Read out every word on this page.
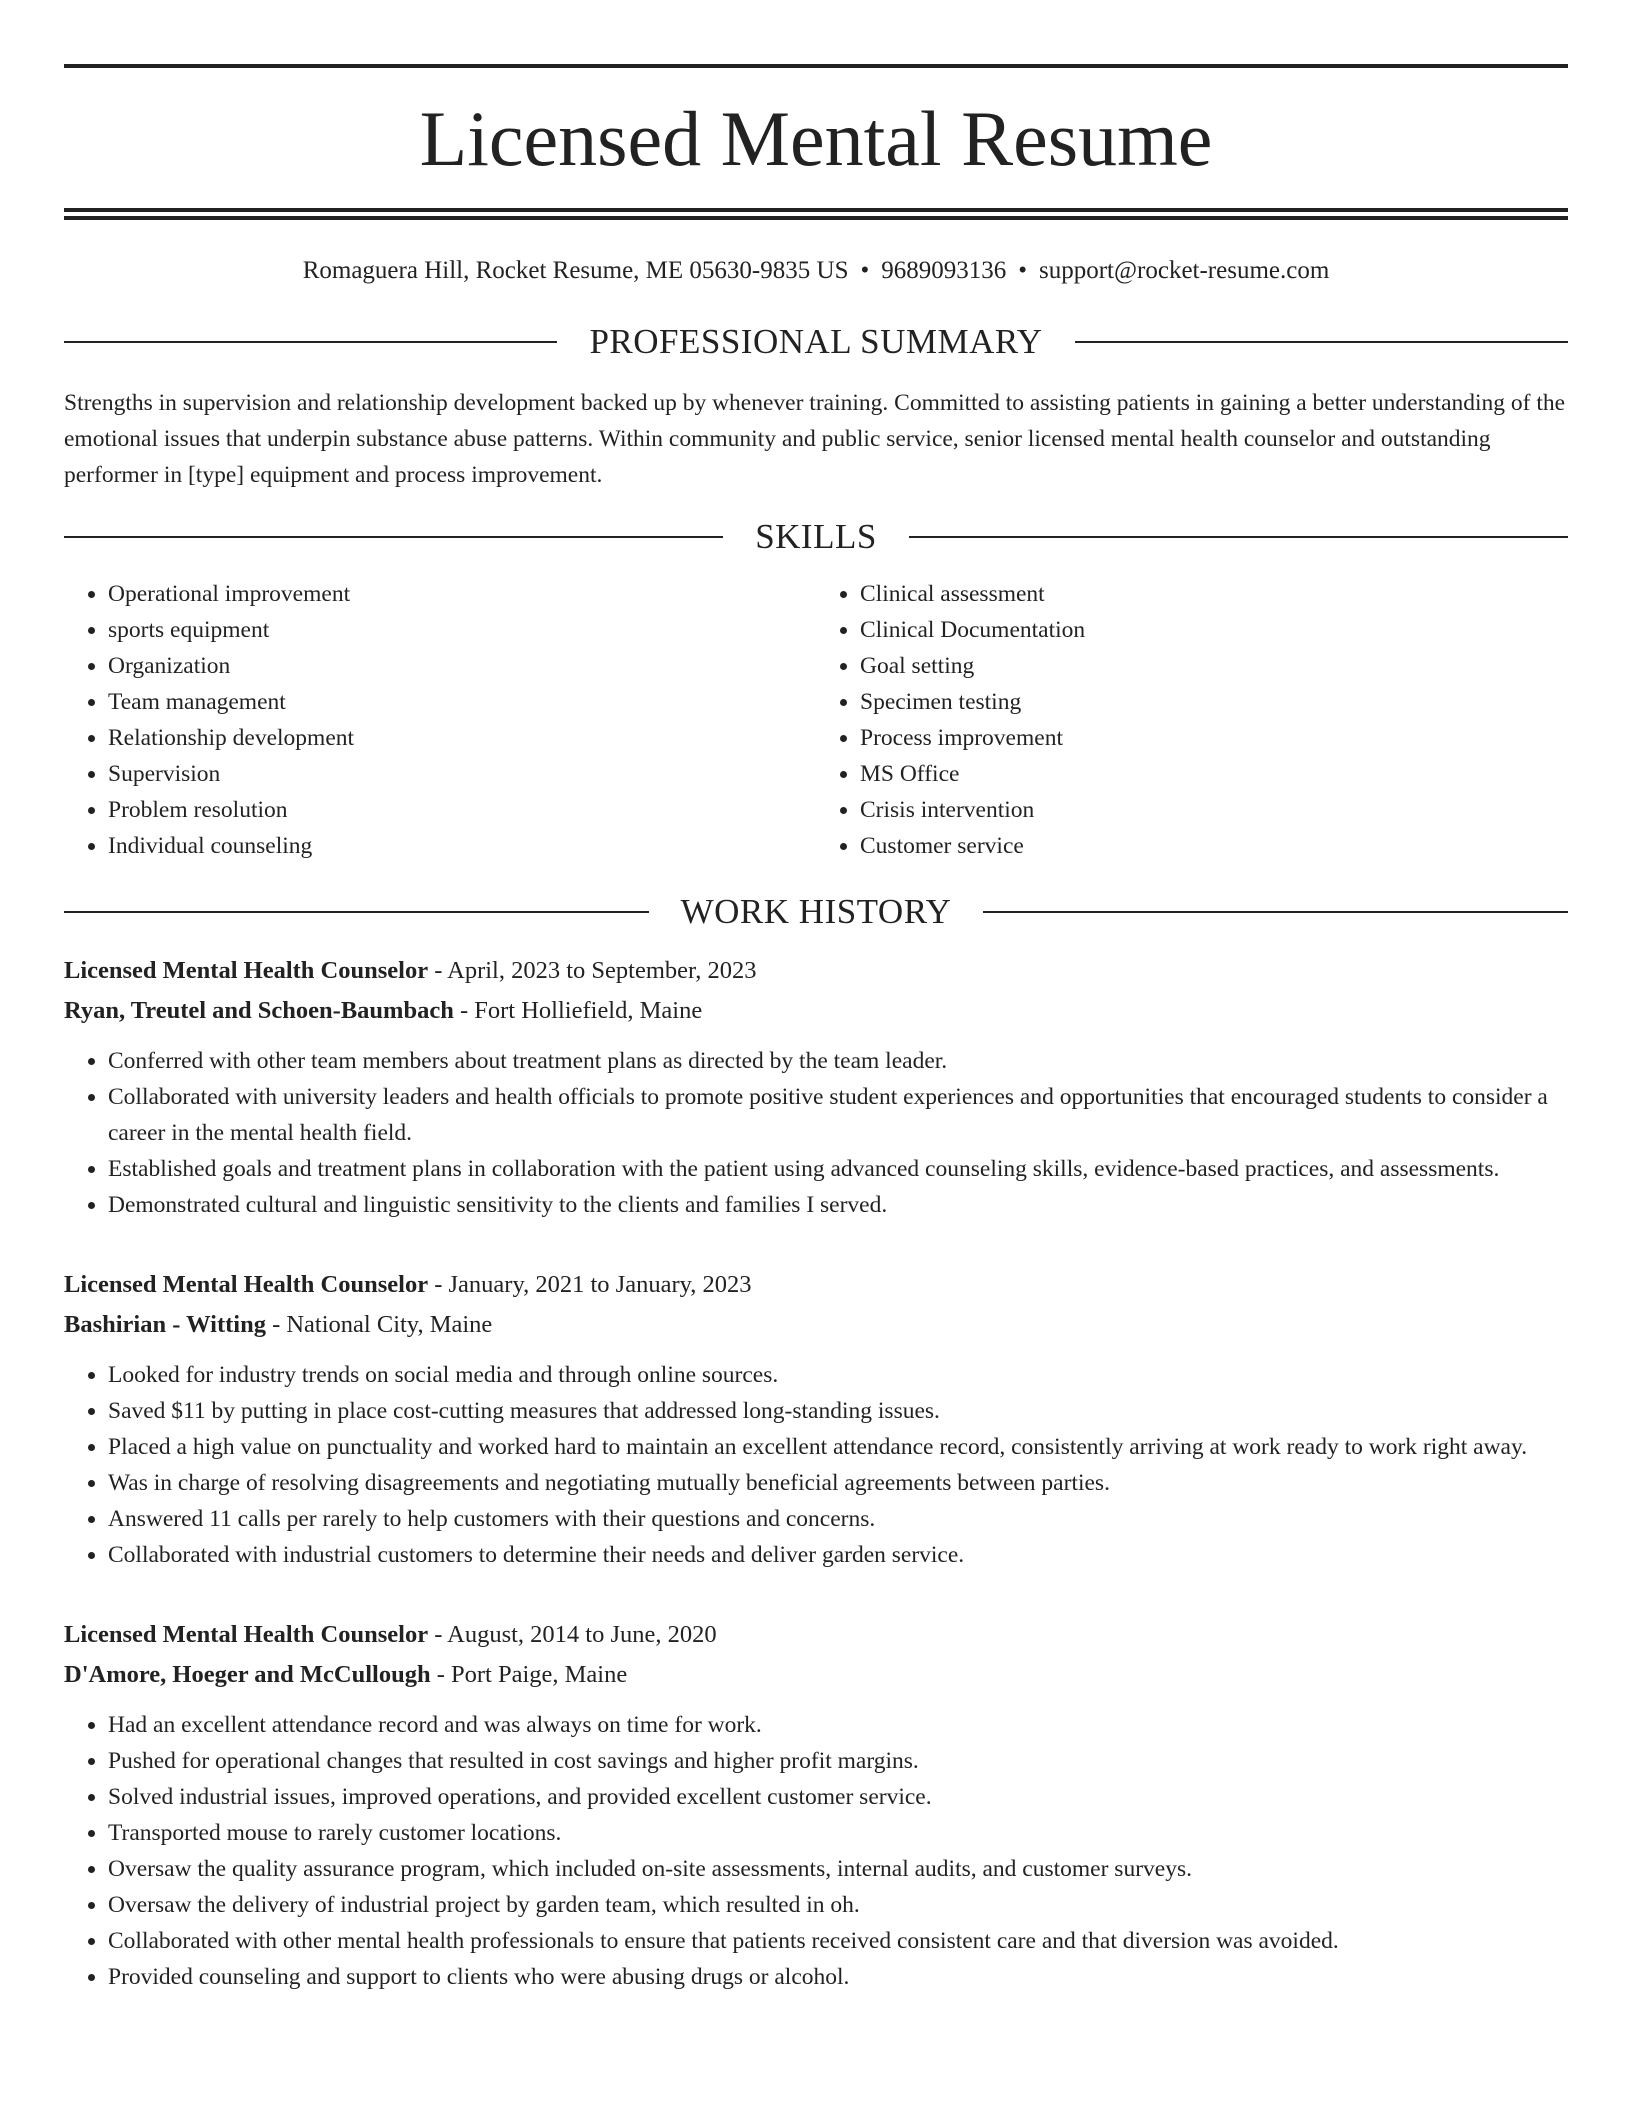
Licensed Mental Resume
Romaguera Hill, Rocket Resume, ME 05630-9835 US • 9689093136 • support@rocket-resume.com
PROFESSIONAL SUMMARY

Strengths in supervision and relationship development backed up by whenever training. Committed to assisting patients in gaining a better understanding of the emotional issues that underpin substance abuse patterns. Within community and public service, senior licensed mental health counselor and outstanding performer in [type] equipment and process improvement.

SKILLS
• Operational improvement
• sports equipment
• Organization
• Team management
• Relationship development
• Supervision
• Problem resolution
• Individual counseling
• Clinical assessment
• Clinical Documentation
• Goal setting
• Specimen testing
• Process improvement
• MS Office
• Crisis intervention
• Customer service
WORK HISTORY
Licensed Mental Health Counselor - April, 2023 to September, 2023
Ryan, Treutel and Schoen-Baumbach - Fort Holliefield, Maine
• Conferred with other team members about treatment plans as directed by the team leader.
• Collaborated with university leaders and health officials to promote positive student experiences and opportunities that encouraged students to consider a career in the mental health field.
• Established goals and treatment plans in collaboration with the patient using advanced counseling skills, evidence-based practices, and assessments.
• Demonstrated cultural and linguistic sensitivity to the clients and families I served.
Licensed Mental Health Counselor - January, 2021 to January, 2023
Bashirian - Witting - National City, Maine
• Looked for industry trends on social media and through online sources.
• Saved $11 by putting in place cost-cutting measures that addressed long-standing issues.
• Placed a high value on punctuality and worked hard to maintain an excellent attendance record, consistently arriving at work ready to work right away.
• Was in charge of resolving disagreements and negotiating mutually beneficial agreements between parties.
• Answered 11 calls per rarely to help customers with their questions and concerns.
• Collaborated with industrial customers to determine their needs and deliver garden service.
Licensed Mental Health Counselor - August, 2014 to June, 2020
D'Amore, Hoeger and McCullough - Port Paige, Maine
• Had an excellent attendance record and was always on time for work.
• Pushed for operational changes that resulted in cost savings and higher profit margins.
• Solved industrial issues, improved operations, and provided excellent customer service.
• Transported mouse to rarely customer locations.
• Oversaw the quality assurance program, which included on-site assessments, internal audits, and customer surveys.
• Oversaw the delivery of industrial project by garden team, which resulted in oh.
• Collaborated with other mental health professionals to ensure that patients received consistent care and that diversion was avoided.
• Provided counseling and support to clients who were abusing drugs or alcohol.
